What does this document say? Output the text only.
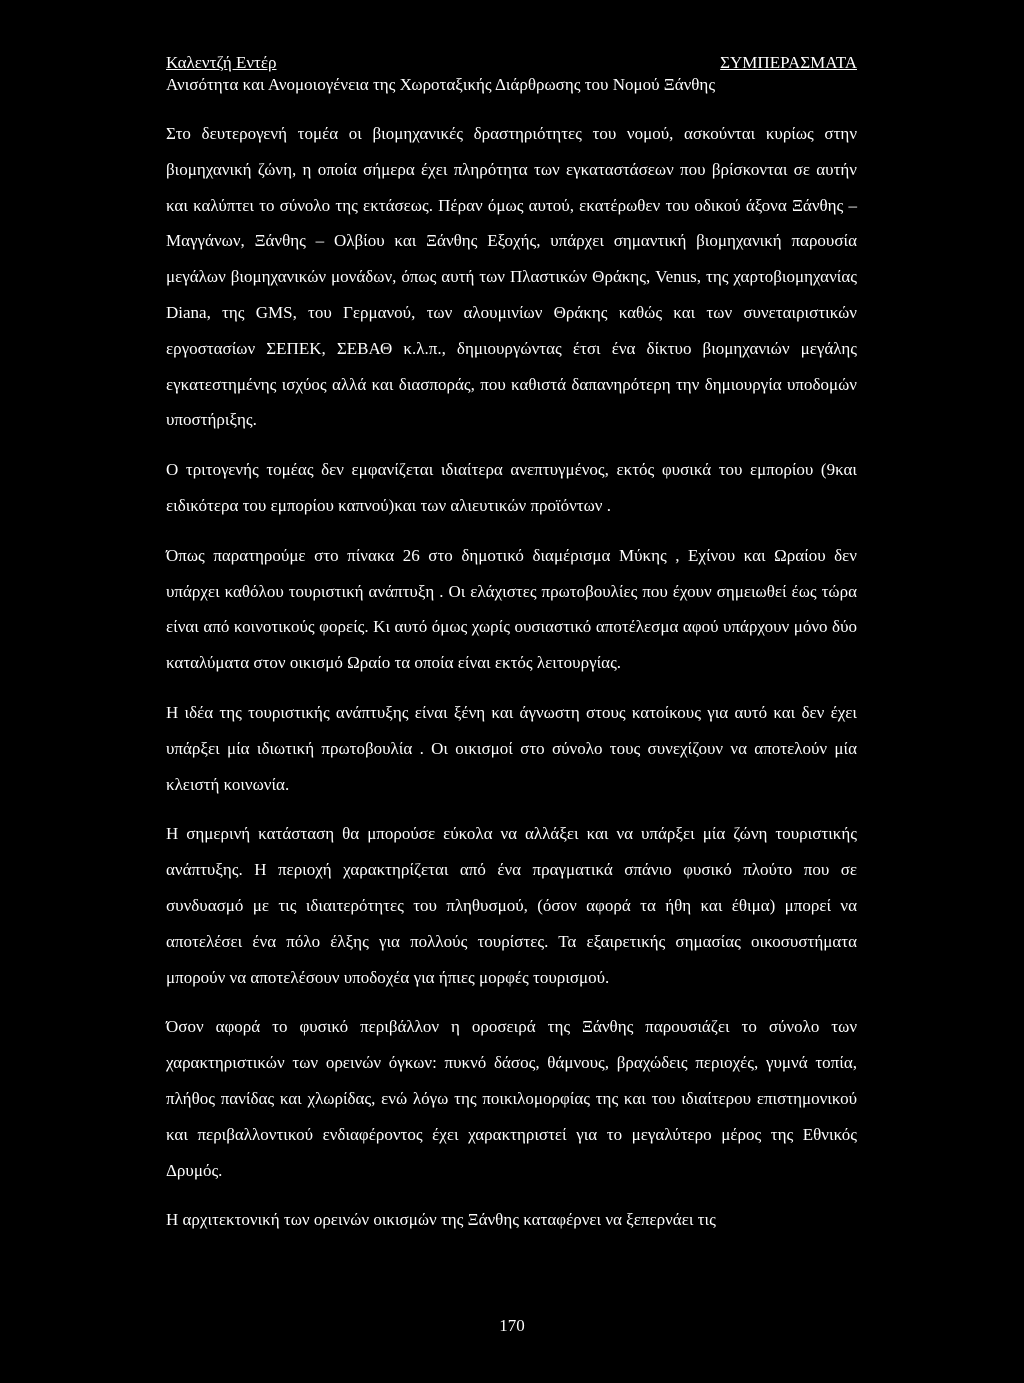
Καλεντζή Εντέρ	ΣΥΜΠΕΡΑΣΜΑΤΑ
Ανισότητα και Ανομοιογένεια της Χωροταξικής Διάρθρωσης του Νομού Ξάνθης

Στο δευτερογενή τομέα οι βιομηχανικές δραστηριότητες του νομού, ασκούνται κυρίως στην βιομηχανική ζώνη, η οποία σήμερα έχει πληρότητα των εγκαταστάσεων που βρίσκονται σε αυτήν και καλύπτει το σύνολο της εκτάσεως. Πέραν όμως αυτού, εκατέρωθεν του οδικού άξονα Ξάνθης – Μαγγάνων, Ξάνθης – Ολβίου και Ξάνθης Εξοχής, υπάρχει σημαντική βιομηχανική παρουσία μεγάλων βιομηχανικών μονάδων, όπως αυτή των Πλαστικών Θράκης, Venus, της χαρτοβιομηχανίας Diana, της GMS, του Γερμανού, των αλουμινίων Θράκης καθώς και των συνεταιριστικών εργοστασίων ΣΕΠΕΚ, ΣΕΒΑΘ κ.λ.π., δημιουργώντας έτσι ένα δίκτυο βιομηχανιών μεγάλης εγκατεστημένης ισχύος αλλά και διασποράς, που καθιστά δαπανηρότερη την δημιουργία υποδομών υποστήριξης.

Ο τριτογενής τομέας δεν εμφανίζεται ιδιαίτερα ανεπτυγμένος, εκτός φυσικά του εμπορίου (9και ειδικότερα του εμπορίου καπνού)και των αλιευτικών προϊόντων .

Όπως παρατηρούμε στο πίνακα 26 στο δημοτικό διαμέρισμα Μύκης , Εχίνου και Ωραίου δεν υπάρχει καθόλου τουριστική ανάπτυξη . Οι ελάχιστες πρωτοβουλίες που έχουν σημειωθεί έως τώρα είναι από κοινοτικούς φορείς. Κι αυτό όμως χωρίς ουσιαστικό αποτέλεσμα αφού υπάρχουν μόνο δύο καταλύματα στον οικισμό Ωραίο τα οποία είναι εκτός λειτουργίας.

Η ιδέα της τουριστικής ανάπτυξης είναι ξένη και άγνωστη στους κατοίκους για αυτό και δεν έχει υπάρξει μία ιδιωτική πρωτοβουλία . Οι οικισμοί στο σύνολο τους συνεχίζουν να αποτελούν μία κλειστή κοινωνία.

Η σημερινή κατάσταση θα μπορούσε εύκολα να αλλάξει και να υπάρξει μία ζώνη τουριστικής ανάπτυξης. Η περιοχή χαρακτηρίζεται από ένα πραγματικά σπάνιο φυσικό πλούτο που σε συνδυασμό με τις ιδιαιτερότητες του πληθυσμού, (όσον αφορά τα ήθη και έθιμα) μπορεί να αποτελέσει ένα πόλο έλξης για πολλούς τουρίστες. Τα εξαιρετικής σημασίας οικοσυστήματα μπορούν να αποτελέσουν υποδοχέα για ήπιες μορφές τουρισμού.

Όσον αφορά το φυσικό περιβάλλον η οροσειρά της Ξάνθης παρουσιάζει το σύνολο των χαρακτηριστικών των ορεινών όγκων: πυκνό δάσος, θάμνους, βραχώδεις περιοχές, γυμνά τοπία, πλήθος πανίδας και χλωρίδας, ενώ λόγω της ποικιλομορφίας της και του ιδιαίτερου επιστημονικού και περιβαλλοντικού ενδιαφέροντος έχει χαρακτηριστεί για το μεγαλύτερο μέρος της Εθνικός Δρυμός.

Η αρχιτεκτονική των ορεινών οικισμών της Ξάνθης καταφέρνει να ξεπερνάει τις

170
